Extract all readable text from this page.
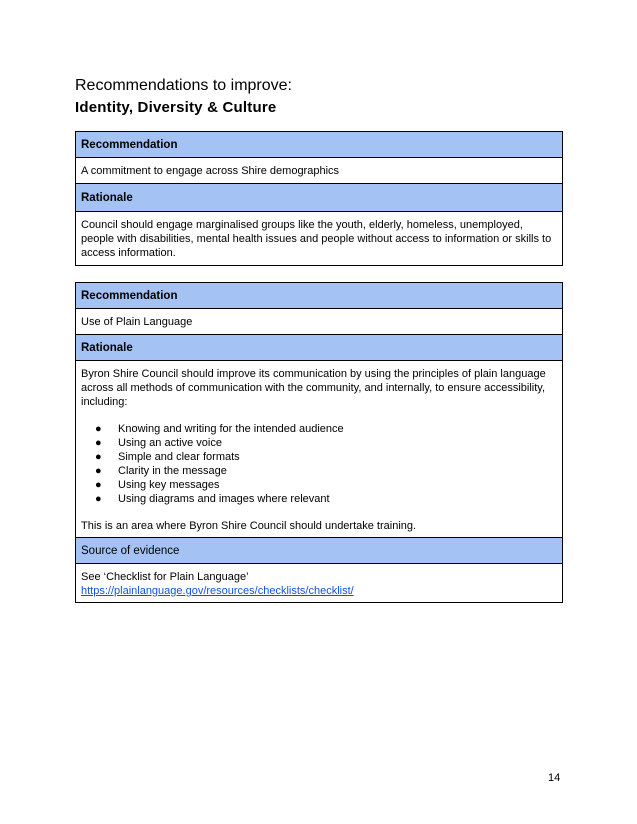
Recommendations to improve:

Identity, Diversity & Culture

Recommendation
A commitment to engage across Shire demographics
Rationale
Council should engage marginalised groups like the youth, elderly, homeless, unemployed, people with disabilities, mental health issues and people without access to information or skills to access information.
Recommendation
Use of Plain Language
Rationale

Byron Shire Council should improve its communication by using the principles of plain language across all methods of communication with the community, and internally, to ensure accessibility, including:
● Knowing and writing for the intended audience
● Using an active voice
● Simple and clear formats
● Clarity in the message
● Using key messages
● Using diagrams and images where relevant
This is an area where Byron Shire Council should undertake training.

Source of evidence

See ‘Checklist for Plain Language’
https://plainlanguage.gov/resources/checklists/checklist/
14
